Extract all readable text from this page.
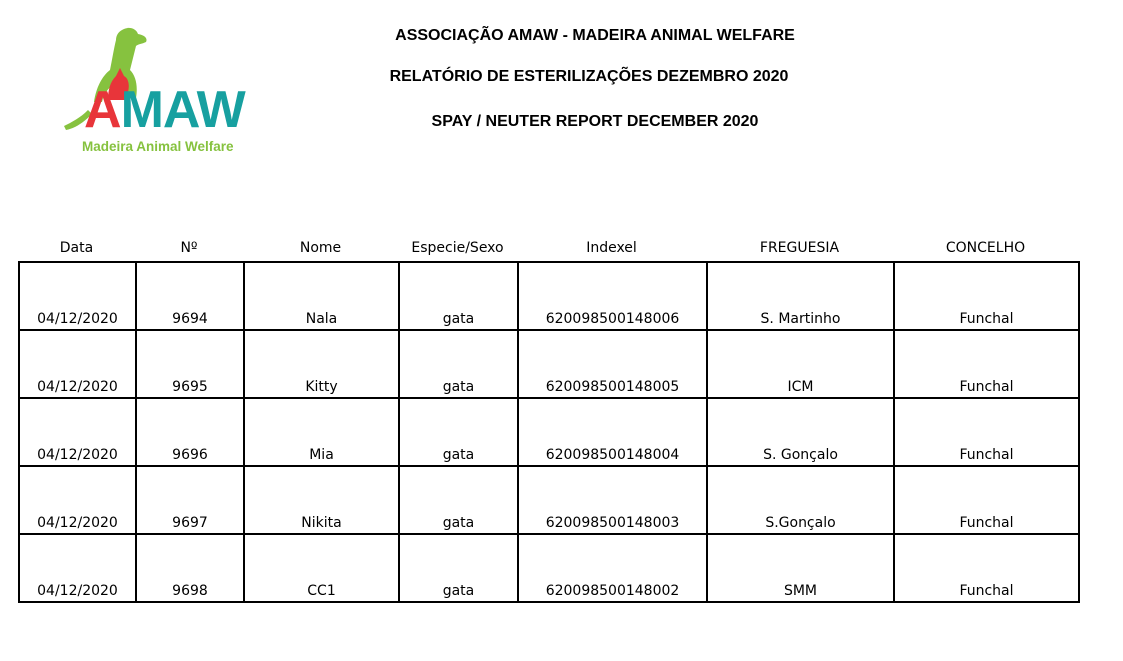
AMAW
Madeira Animal Welfare
ASSOCIAÇÃO AMAW - MADEIRA ANIMAL WELFARE
RELATÓRIO DE ESTERILIZAÇÕES DEZEMBRO 2020
SPAY / NEUTER REPORT DECEMBER 2020
Data	Nº	Nome	Especie/Sexo	Indexel	FREGUESIA	CONCELHO
04/12/2020	9694	Nala	gata	620098500148006	S. Martinho	Funchal
04/12/2020	9695	Kitty	gata	620098500148005	ICM	Funchal
04/12/2020	9696	Mia	gata	620098500148004	S. Gonçalo	Funchal
04/12/2020	9697	Nikita	gata	620098500148003	S.Gonçalo	Funchal
04/12/2020	9698	CC1	gata	620098500148002	SMM	Funchal
